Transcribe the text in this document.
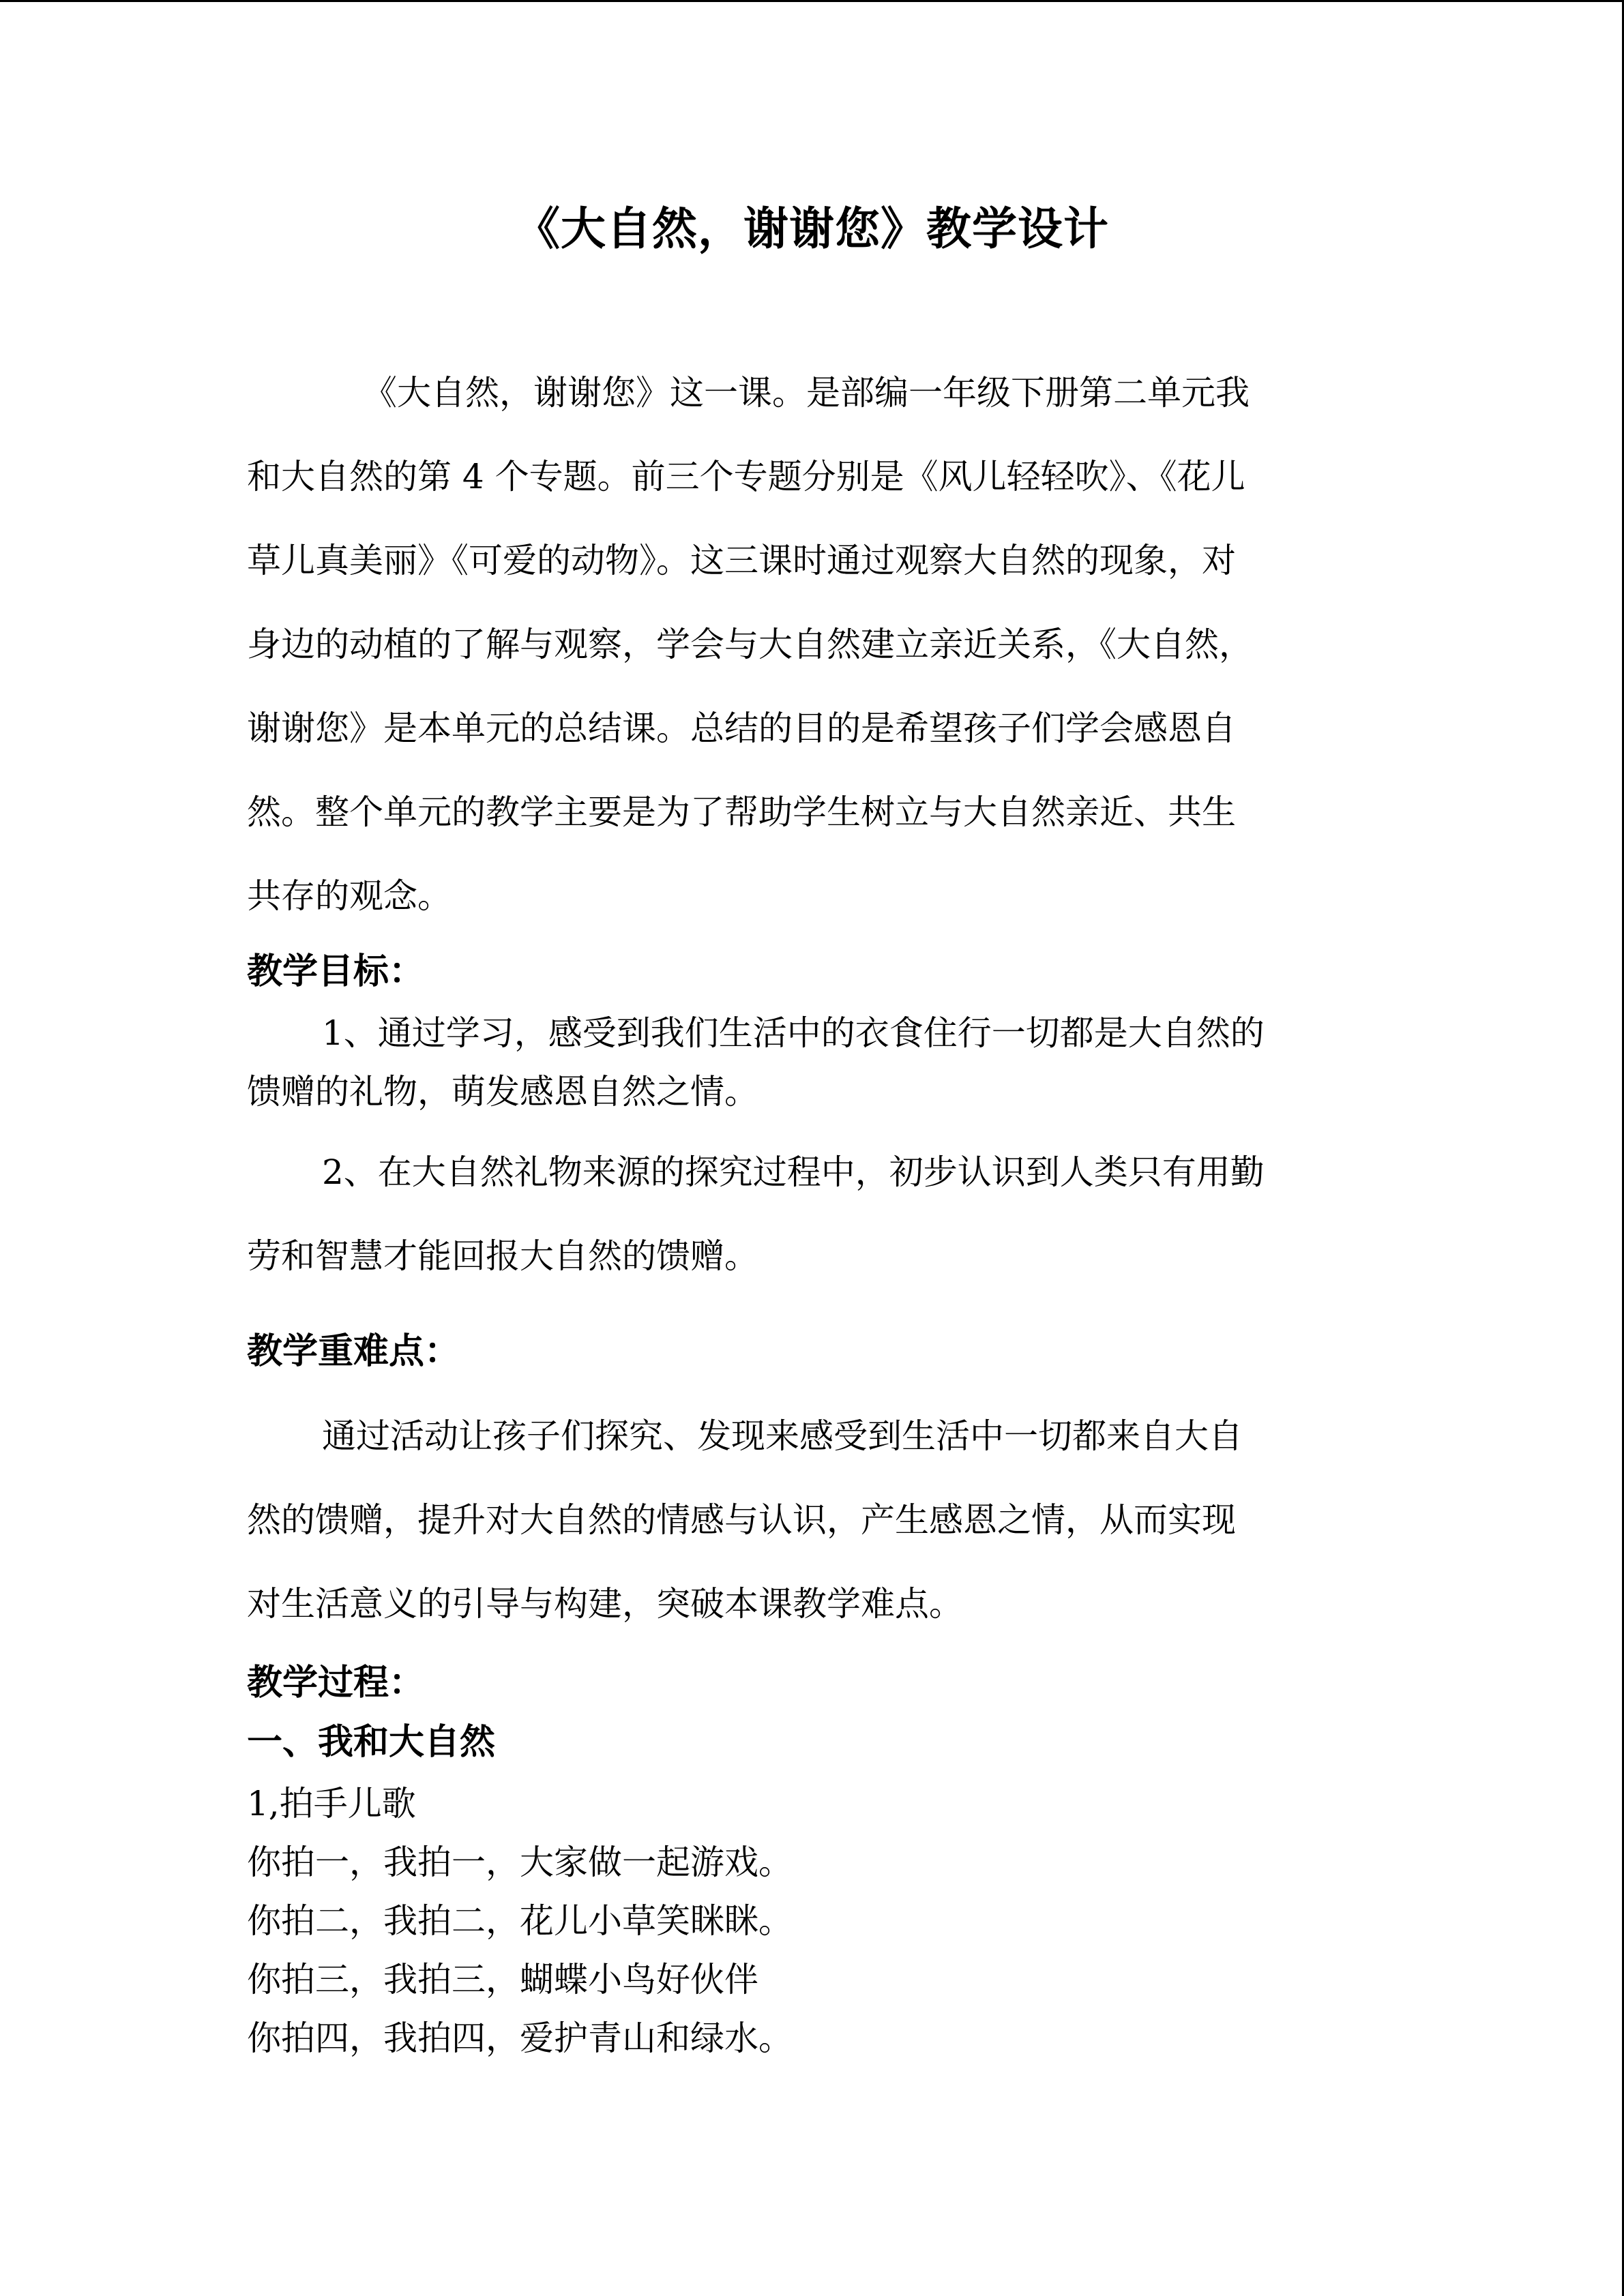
《大自然，谢谢您》教学设计
《大自然，谢谢您》这一课。是部编一年级下册第二单元我
和大自然的第 4 个专题。前三个专题分别是《风儿轻轻吹》、《花儿
草儿真美丽》《可爱的动物》。这三课时通过观察大自然的现象，对
身边的动植的了解与观察，学会与大自然建立亲近关系，《大自然，
谢谢您》是本单元的总结课。总结的目的是希望孩子们学会感恩自
然。整个单元的教学主要是为了帮助学生树立与大自然亲近、共生
共存的观念。
教学目标：
1、通过学习，感受到我们生活中的衣食住行一切都是大自然的
馈赠的礼物，萌发感恩自然之情。
2、在大自然礼物来源的探究过程中，初步认识到人类只有用勤
劳和智慧才能回报大自然的馈赠。
教学重难点：
通过活动让孩子们探究、发现来感受到生活中一切都来自大自
然的馈赠，提升对大自然的情感与认识，产生感恩之情，从而实现
对生活意义的引导与构建，突破本课教学难点。
教学过程：
一、我和大自然
1,拍手儿歌
你拍一，我拍一，大家做一起游戏。
你拍二，我拍二，花儿小草笑眯眯。
你拍三，我拍三，蝴蝶小鸟好伙伴
你拍四，我拍四，爱护青山和绿水。
